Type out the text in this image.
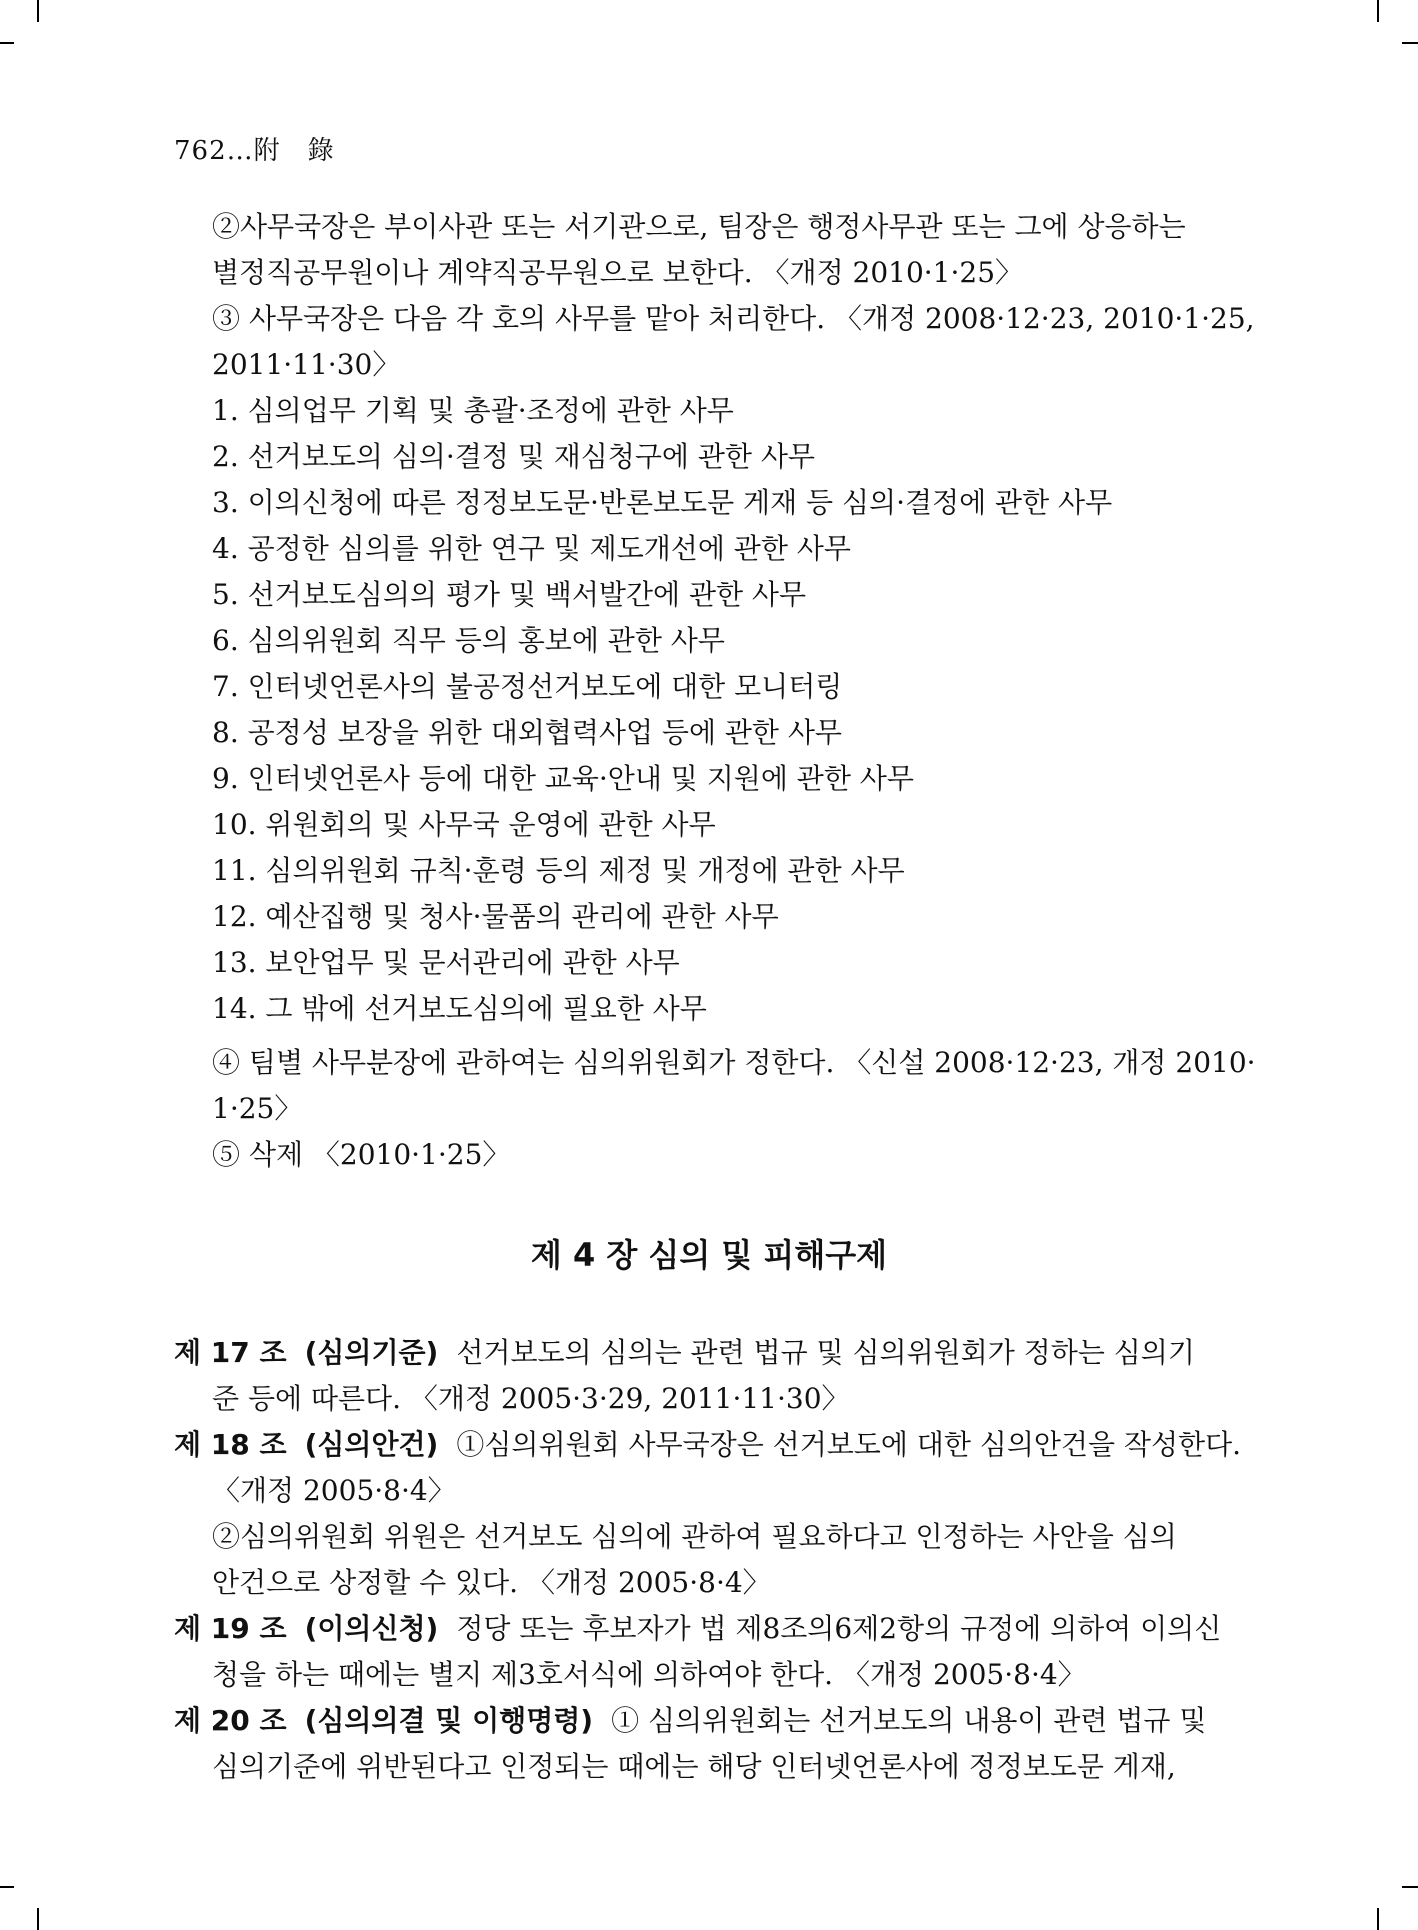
762…附　錄
②사무국장은 부이사관 또는 서기관으로, 팀장은 행정사무관 또는 그에 상응하는
별정직공무원이나 계약직공무원으로 보한다. 〈개정 2010·1·25〉
③ 사무국장은 다음 각 호의 사무를 맡아 처리한다. 〈개정 2008·12·23, 2010·1·25,
2011·11·30〉
1. 심의업무 기획 및 총괄·조정에 관한 사무
2. 선거보도의 심의·결정 및 재심청구에 관한 사무
3. 이의신청에 따른 정정보도문·반론보도문 게재 등 심의·결정에 관한 사무
4. 공정한 심의를 위한 연구 및 제도개선에 관한 사무
5. 선거보도심의의 평가 및 백서발간에 관한 사무
6. 심의위원회 직무 등의 홍보에 관한 사무
7. 인터넷언론사의 불공정선거보도에 대한 모니터링
8. 공정성 보장을 위한 대외협력사업 등에 관한 사무
9. 인터넷언론사 등에 대한 교육·안내 및 지원에 관한 사무
10. 위원회의 및 사무국 운영에 관한 사무
11. 심의위원회 규칙·훈령 등의 제정 및 개정에 관한 사무
12. 예산집행 및 청사·물품의 관리에 관한 사무
13. 보안업무 및 문서관리에 관한 사무
14. 그 밖에 선거보도심의에 필요한 사무
④ 팀별 사무분장에 관하여는 심의위원회가 정한다. 〈신설 2008·12·23, 개정 2010·
1·25〉
⑤ 삭제 〈2010·1·25〉
제 4 장 심의 및 피해구제
제 17 조 (심의기준) 선거보도의 심의는 관련 법규 및 심의위원회가 정하는 심의기
준 등에 따른다. 〈개정 2005·3·29, 2011·11·30〉
제 18 조 (심의안건) ①심의위원회 사무국장은 선거보도에 대한 심의안건을 작성한다.
〈개정 2005·8·4〉
②심의위원회 위원은 선거보도 심의에 관하여 필요하다고 인정하는 사안을 심의
안건으로 상정할 수 있다. 〈개정 2005·8·4〉
제 19 조 (이의신청) 정당 또는 후보자가 법 제8조의6제2항의 규정에 의하여 이의신
청을 하는 때에는 별지 제3호서식에 의하여야 한다. 〈개정 2005·8·4〉
제 20 조 (심의의결 및 이행명령) ① 심의위원회는 선거보도의 내용이 관련 법규 및
심의기준에 위반된다고 인정되는 때에는 해당 인터넷언론사에 정정보도문 게재,
